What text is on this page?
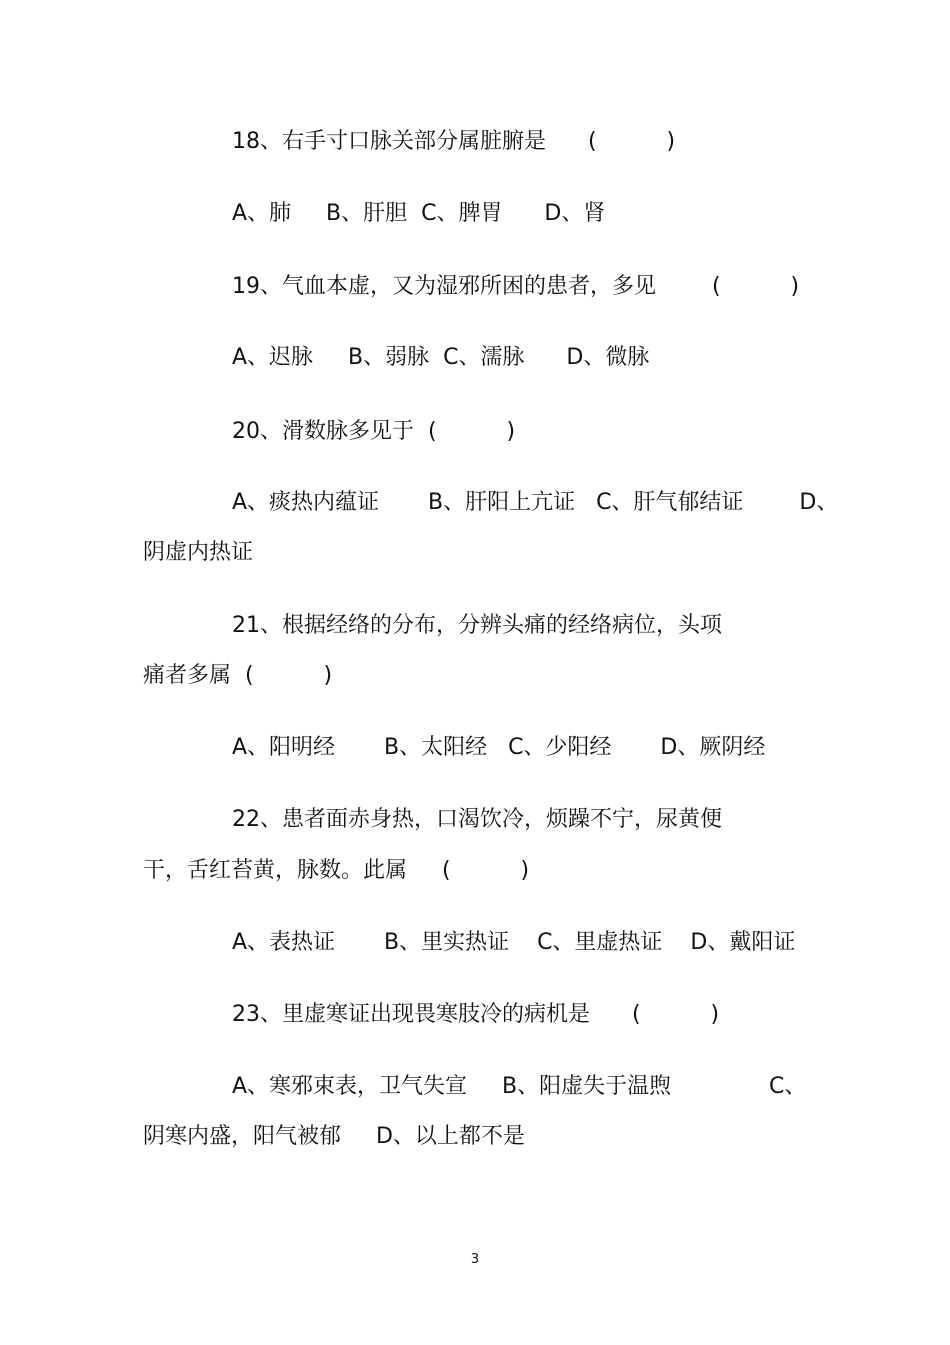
18、右手寸口脉关部分属脏腑是      (          )
A、肺     B、肝胆  C、脾胃      D、肾
19、气血本虚，又为湿邪所困的患者，多见        (          )
A、迟脉     B、弱脉  C、濡脉      D、微脉
20、滑数脉多见于  (          )
A、痰热内蕴证       B、肝阳上亢证   C、肝气郁结证        D、
阴虚内热证
21、根据经络的分布，分辨头痛的经络病位，头项
痛者多属  (          )
A、阳明经       B、太阳经   C、少阳经       D、厥阴经
22、患者面赤身热，口渴饮冷，烦躁不宁，尿黄便
干，舌红苔黄，脉数。此属     (          )
A、表热证       B、里实热证    C、里虚热证    D、戴阳证
23、里虚寒证出现畏寒肢冷的病机是      (          )
A、寒邪束表，卫气失宣     B、阳虚失于温煦              C、
阴寒内盛，阳气被郁     D、以上都不是
3
